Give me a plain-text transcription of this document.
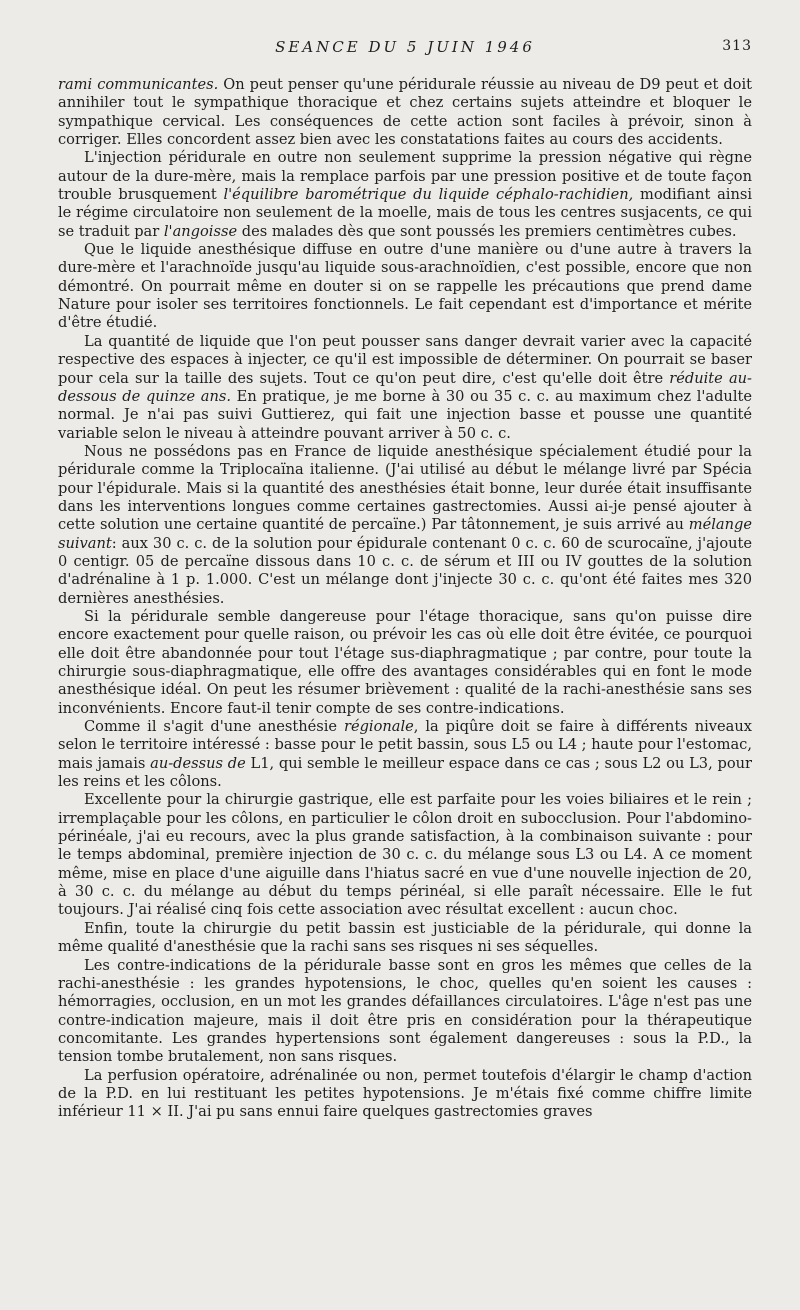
SEANCE DU 5 JUIN 1946	313

rami communicantes. On peut penser qu'une péridurale réussie au niveau de D9 peut et doit annihiler tout le sympathique thoracique et chez certains sujets atteindre et bloquer le sympathique cervical. Les conséquences de cette action sont faciles à prévoir, sinon à corriger. Elles concordent assez bien avec les constatations faites au cours des accidents.

L'injection péridurale en outre non seulement supprime la pression négative qui règne autour de la dure-mère, mais la remplace parfois par une pression positive et de toute façon trouble brusquement l'équilibre barométrique du liquide céphalo-rachidien, modifiant ainsi le régime circulatoire non seulement de la moelle, mais de tous les centres susjacents, ce qui se traduit par l'angoisse des malades dès que sont poussés les premiers centimètres cubes.

Que le liquide anesthésique diffuse en outre d'une manière ou d'une autre à travers la dure-mère et l'arachnoïde jusqu'au liquide sous-arachnoïdien, c'est possible, encore que non démontré. On pourrait même en douter si on se rappelle les précautions que prend dame Nature pour isoler ses territoires fonctionnels. Le fait cependant est d'importance et mérite d'être étudié.

La quantité de liquide que l'on peut pousser sans danger devrait varier avec la capacité respective des espaces à injecter, ce qu'il est impossible de déterminer. On pourrait se baser pour cela sur la taille des sujets. Tout ce qu'on peut dire, c'est qu'elle doit être réduite au-dessous de quinze ans. En pratique, je me borne à 30 ou 35 c. c. au maximum chez l'adulte normal. Je n'ai pas suivi Guttierez, qui fait une injection basse et pousse une quantité variable selon le niveau à atteindre pouvant arriver à 50 c. c.

Nous ne possédons pas en France de liquide anesthésique spécialement étudié pour la péridurale comme la Triplocaïna italienne. (J'ai utilisé au début le mélange livré par Spécia pour l'épidurale. Mais si la quantité des anesthésies était bonne, leur durée était insuffisante dans les interventions longues comme certaines gastrectomies. Aussi ai-je pensé ajouter à cette solution une certaine quantité de percaïne.) Par tâtonnement, je suis arrivé au mélange suivant: aux 30 c. c. de la solution pour épidurale contenant 0 c. c. 60 de scurocaïne, j'ajoute 0 centigr. 05 de percaïne dissous dans 10 c. c. de sérum et III ou IV gouttes de la solution d'adrénaline à 1 p. 1.000. C'est un mélange dont j'injecte 30 c. c. qu'ont été faites mes 320 dernières anesthésies.

Si la péridurale semble dangereuse pour l'étage thoracique, sans qu'on puisse dire encore exactement pour quelle raison, ou prévoir les cas où elle doit être évitée, ce pourquoi elle doit être abandonnée pour tout l'étage sus-diaphragmatique ; par contre, pour toute la chirurgie sous-diaphragmatique, elle offre des avantages considérables qui en font le mode anesthésique idéal. On peut les résumer brièvement : qualité de la rachi-anesthésie sans ses inconvénients. Encore faut-il tenir compte de ses contre-indications.

Comme il s'agit d'une anesthésie régionale, la piqûre doit se faire à différents niveaux selon le territoire intéressé : basse pour le petit bassin, sous L5 ou L4 ; haute pour l'estomac, mais jamais au-dessus de L1, qui semble le meilleur espace dans ce cas ; sous L2 ou L3, pour les reins et les côlons.

Excellente pour la chirurgie gastrique, elle est parfaite pour les voies biliaires et le rein ; irremplaçable pour les côlons, en particulier le côlon droit en subocclusion. Pour l'abdomino-périnéale, j'ai eu recours, avec la plus grande satisfaction, à la combinaison suivante : pour le temps abdominal, première injection de 30 c. c. du mélange sous L3 ou L4. A ce moment même, mise en place d'une aiguille dans l'hiatus sacré en vue d'une nouvelle injection de 20, à 30 c. c. du mélange au début du temps périnéal, si elle paraît nécessaire. Elle le fut toujours. J'ai réalisé cinq fois cette association avec résultat excellent : aucun choc.

Enfin, toute la chirurgie du petit bassin est justiciable de la péridurale, qui donne la même qualité d'anesthésie que la rachi sans ses risques ni ses séquelles.

Les contre-indications de la péridurale basse sont en gros les mêmes que celles de la rachi-anesthésie : les grandes hypotensions, le choc, quelles qu'en soient les causes : hémorragies, occlusion, en un mot les grandes défaillances circulatoires. L'âge n'est pas une contre-indication majeure, mais il doit être pris en considération pour la thérapeutique concomitante. Les grandes hypertensions sont également dangereuses : sous la P.D., la tension tombe brutalement, non sans risques.

La perfusion opératoire, adrénalinée ou non, permet toutefois d'élargir le champ d'action de la P.D. en lui restituant les petites hypotensions. Je m'étais fixé comme chiffre limite inférieur 11 × II. J'ai pu sans ennui faire quelques gastrectomies graves
